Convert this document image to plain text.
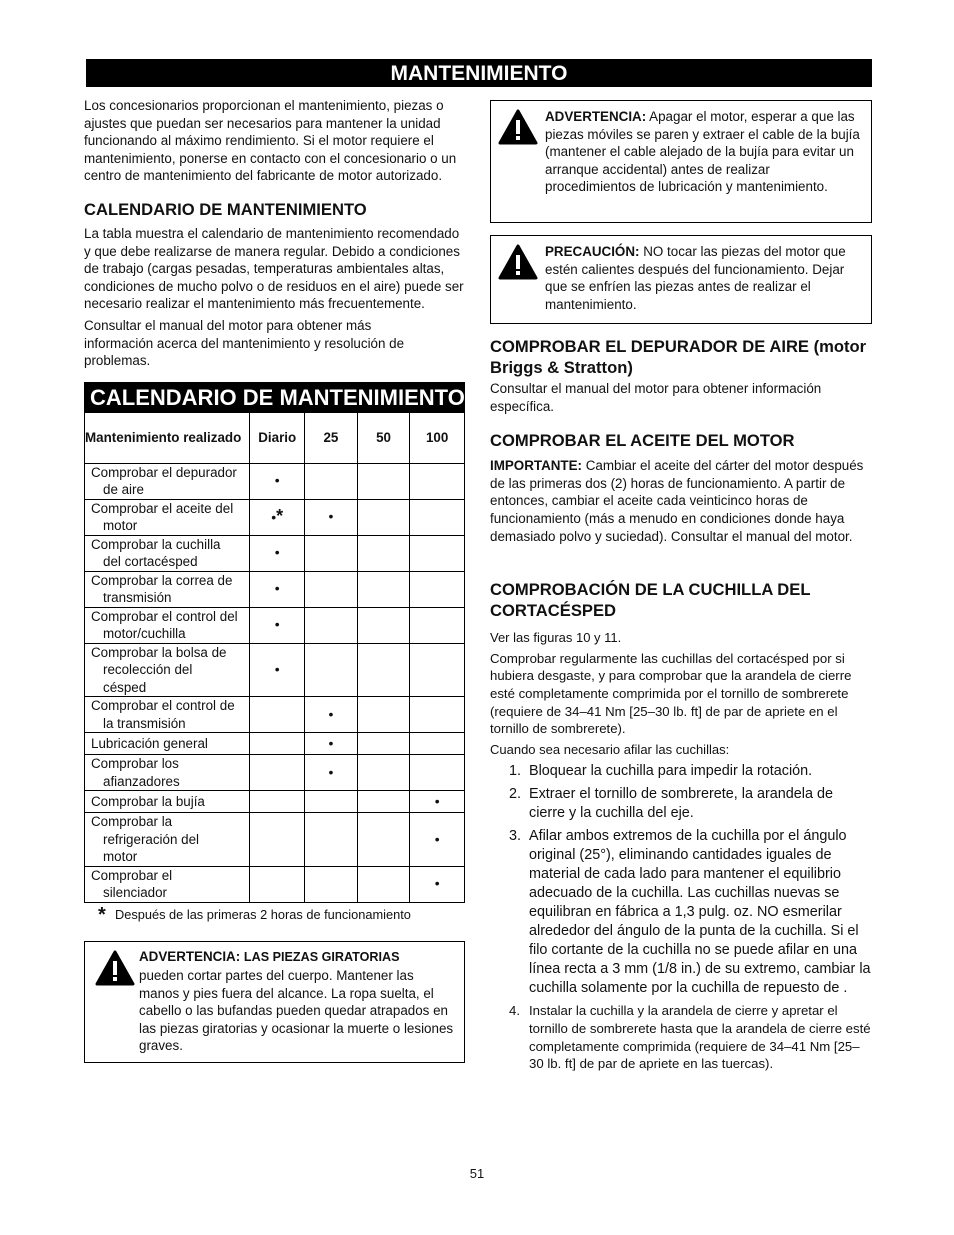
MANTENIMIENTO

Los concesionarios proporcionan el mantenimiento, piezas o ajustes que puedan ser necesarios para mantener la unidad funcionando al máximo rendimiento. Si el motor requiere el mantenimiento, ponerse en contacto con el concesionario o un centro de mantenimiento del fabricante de motor autorizado.

CALENDARIO DE MANTENIMIENTO

La tabla muestra el calendario de mantenimiento recomendado y que debe realizarse de manera regular. Debido a condiciones de trabajo (cargas pesadas, temperaturas ambientales altas, condiciones de mucho polvo o de residuos en el aire) puede ser necesario realizar el mantenimiento más frecuentemente.

Consultar el manual del motor para obtener más información acerca del mantenimiento y resolución de problemas.

CALENDARIO DE MANTENIMIENTO
Mantenimiento realizado	Diario	25	50	100

Comprobar el depurador
de aire	•			

Comprobar el aceite del
motor	•*	•		

Comprobar la cuchilla
del cortacésped	•			

Comprobar la correa de
transmisión	•			

Comprobar el control del
motor/cuchilla	•			

Comprobar la bolsa de
recolección del
césped	•			

Comprobar el control de
la transmisión		•		

Lubricación general		•		

Comprobar los
afianzadores		•		

Comprobar la bujía				•

Comprobar la
refrigeración del
motor				•

Comprobar el
silenciador				•
* Después de las primeras 2 horas de funcionamiento
ADVERTENCIA: LAS PIEZAS GIRATORIAS
pueden cortar partes del cuerpo. Mantener las manos y pies fuera del alcance. La ropa suelta, el cabello o las bufandas pueden quedar atrapados en las piezas giratorias y ocasionar la muerte o lesiones graves.
ADVERTENCIA: Apagar el motor, esperar a que las piezas móviles se paren y extraer el cable de la bujía (mantener el cable alejado de la bujía para evitar un arranque accidental) antes de realizar procedimientos de lubricación y mantenimiento.
PRECAUCIÓN: NO tocar las piezas del motor que estén calientes después del funcionamiento. Dejar que se enfríen las piezas antes de realizar el mantenimiento.

COMPROBAR EL DEPURADOR DE AIRE (motor Briggs & Stratton)

Consultar el manual del motor para obtener información específica.

COMPROBAR EL ACEITE DEL MOTOR

IMPORTANTE: Cambiar el aceite del cárter del motor después de las primeras dos (2) horas de funcionamiento. A partir de entonces, cambiar el aceite cada veinticinco horas de funcionamiento (más a menudo en condiciones donde haya demasiado polvo y suciedad). Consultar el manual del motor.

COMPROBACIÓN DE LA CUCHILLA DEL CORTACÉSPED

Ver las figuras 10 y 11.

Comprobar regularmente las cuchillas del cortacésped por si hubiera desgaste, y para comprobar que la arandela de cierre esté completamente comprimida por el tornillo de sombrerete (requiere de 34–41 Nm [25–30 lb. ft] de par de apriete en el tornillo de sombrerete).

Cuando sea necesario afilar las cuchillas:

1. Bloquear la cuchilla para impedir la rotación.
2. Extraer el tornillo de sombrerete, la arandela de cierre y la cuchilla del eje.
3. Afilar ambos extremos de la cuchilla por el ángulo original (25°), eliminando cantidades iguales de material de cada lado para mantener el equilibrio adecuado de la cuchilla. Las cuchillas nuevas se equilibran en fábrica a 1,3 pulg. oz. NO esmerilar alrededor del ángulo de la punta de la cuchilla. Si el filo cortante de la cuchilla no se puede afilar en una línea recta a 3 mm (1/8 in.) de su extremo, cambiar la cuchilla solamente por la cuchilla de repuesto de .
4. Instalar la cuchilla y la arandela de cierre y apretar el tornillo de sombrerete hasta que la arandela de cierre esté completamente comprimida (requiere de 34–41 Nm [25–30 lb. ft] de par de apriete en las tuercas).
51
